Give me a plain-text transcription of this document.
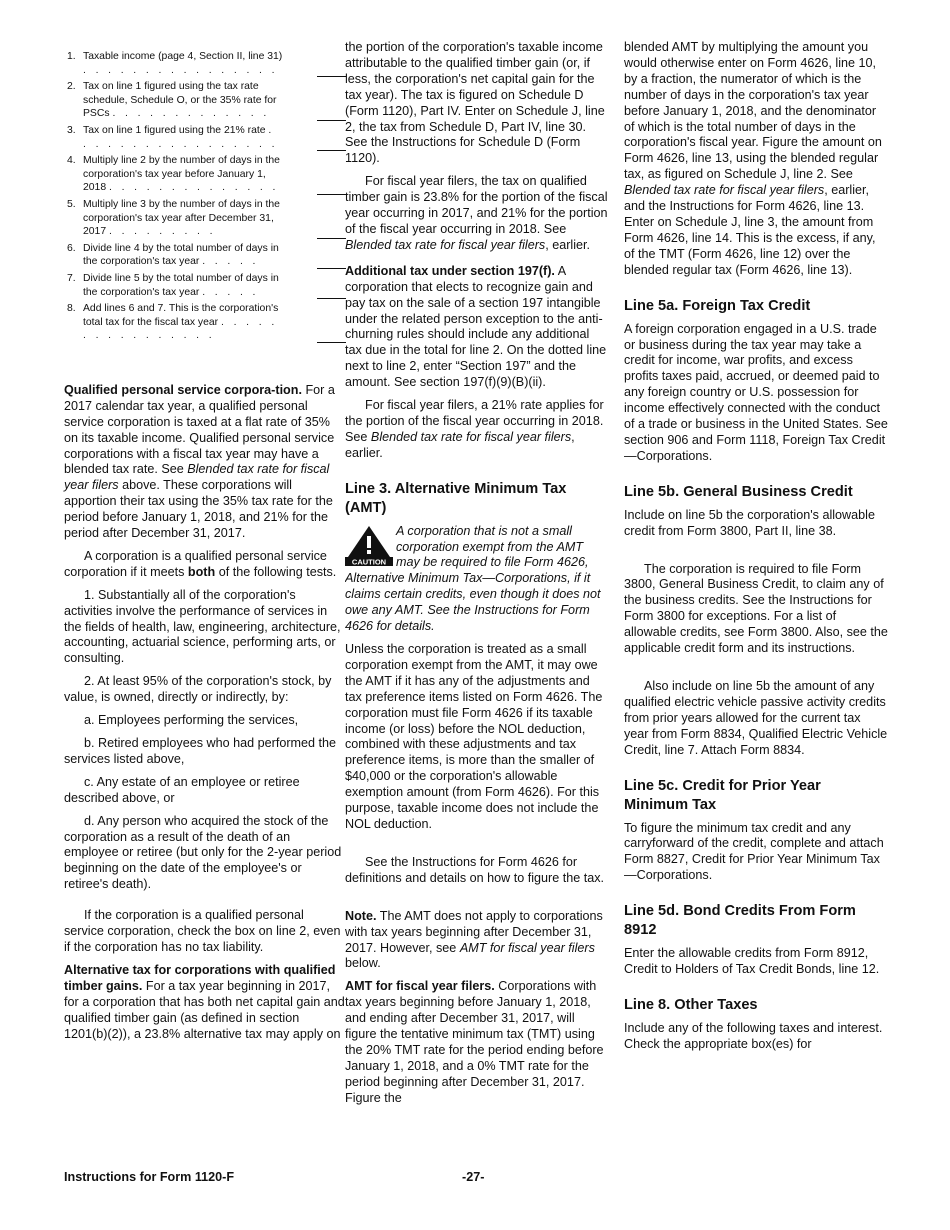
1. Taxable income (page 4, Section II, line 31) . . . . . . . . . . . . . . . .
2. Tax on line 1 figured using the tax rate schedule, Schedule O, or the 35% rate for PSCs . . . . . . . . . . . . .
3. Tax on line 1 figured using the 21% rate . . . . . . . . . . . . . . . . .
4. Multiply line 2 by the number of days in the corporation's tax year before January 1, 2018 . . . . . . . . . . . . . .
5. Multiply line 3 by the number of days in the corporation's tax year after December 31, 2017 . . . . . . . . .
6. Divide line 4 by the total number of days in the corporation's tax year . . . . .
7. Divide line 5 by the total number of days in the corporation's tax year . . . . .
8. Add lines 6 and 7. This is the corporation's total tax for the fiscal tax year . . . . . . . . . . . . . . . .

Qualified personal service corpora-tion. For a 2017 calendar tax year, a qualified personal service corporation is taxed at a flat rate of 35% on its taxable income. Qualified personal service corporations with a fiscal tax year may have a blended tax rate. See Blended tax rate for fiscal year filers above. These corporations will apportion their tax using the 35% tax rate for the period before January 1, 2018, and 21% for the period after December 31, 2017.

A corporation is a qualified personal service corporation if it meets both of the following tests.

1. Substantially all of the corporation's activities involve the performance of services in the fields of health, law, engineering, architecture, accounting, actuarial science, performing arts, or consulting.

2. At least 95% of the corporation's stock, by value, is owned, directly or indirectly, by:

a. Employees performing the services,

b. Retired employees who had performed the services listed above,

c. Any estate of an employee or retiree described above, or

d. Any person who acquired the stock of the corporation as a result of the death of an employee or retiree (but only for the 2-year period beginning on the date of the employee's or retiree's death).

If the corporation is a qualified personal service corporation, check the box on line 2, even if the corporation has no tax liability.

Alternative tax for corporations with qualified timber gains. For a tax year beginning in 2017, for a corporation that has both net capital gain and qualified timber gain (as defined in section 1201(b)(2)), a 23.8% alternative tax may apply on

the portion of the corporation's taxable income attributable to the qualified timber gain (or, if less, the corporation's net capital gain for the tax year). The tax is figured on Schedule D (Form 1120), Part IV. Enter on Schedule J, line 2, the tax from Schedule D, Part IV, line 30. See the Instructions for Schedule D (Form 1120).

For fiscal year filers, the tax on qualified timber gain is 23.8% for the portion of the fiscal year occurring in 2017, and 21% for the portion of the fiscal year occurring in 2018. See Blended tax rate for fiscal year filers, earlier.

Additional tax under section 197(f). A corporation that elects to recognize gain and pay tax on the sale of a section 197 intangible under the related person exception to the anti-churning rules should include any additional tax due in the total for line 2. On the dotted line next to line 2, enter “Section 197” and the amount. See section 197(f)(9)(B)(ii).

For fiscal year filers, a 21% rate applies for the portion of the fiscal year occurring in 2018. See Blended tax rate for fiscal year filers, earlier.

Line 3. Alternative Minimum Tax (AMT)
CAUTION
A corporation that is not a small corporation exempt from the AMT may be required to file Form 4626, Alternative Minimum Tax—Corporations, if it claims certain credits, even though it does not owe any AMT. See the Instructions for Form 4626 for details.

Unless the corporation is treated as a small corporation exempt from the AMT, it may owe the AMT if it has any of the adjustments and tax preference items listed on Form 4626. The corporation must file Form 4626 if its taxable income (or loss) before the NOL deduction, combined with these adjustments and tax preference items, is more than the smaller of $40,000 or the corporation's allowable exemption amount (from Form 4626). For this purpose, taxable income does not include the NOL deduction.

See the Instructions for Form 4626 for definitions and details on how to figure the tax.

Note. The AMT does not apply to corporations with tax years beginning after December 31, 2017. However, see AMT for fiscal year filers below.

AMT for fiscal year filers. Corporations with tax years beginning before January 1, 2018, and ending after December 31, 2017, will figure the tentative minimum tax (TMT) using the 20% TMT rate for the period ending before January 1, 2018, and a 0% TMT rate for the period beginning after December 31, 2017. Figure the

blended AMT by multiplying the amount you would otherwise enter on Form 4626, line 10, by a fraction, the numerator of which is the number of days in the corporation's tax year before January 1, 2018, and the denominator of which is the total number of days in the corporation's fiscal year. Figure the amount on Form 4626, line 13, using the blended regular tax, as figured on Schedule J, line 2. See Blended tax rate for fiscal year filers, earlier, and the Instructions for Form 4626, line 13. Enter on Schedule J, line 3, the amount from Form 4626, line 14. This is the excess, if any, of the TMT (Form 4626, line 12) over the blended regular tax (Form 4626, line 13).

Line 5a. Foreign Tax Credit

A foreign corporation engaged in a U.S. trade or business during the tax year may take a credit for income, war profits, and excess profits taxes paid, accrued, or deemed paid to any foreign country or U.S. possession for income effectively connected with the conduct of a trade or business in the United States. See section 906 and Form 1118, Foreign Tax Credit—Corporations.

Line 5b. General Business Credit

Include on line 5b the corporation's allowable credit from Form 3800, Part II, line 38.

The corporation is required to file Form 3800, General Business Credit, to claim any of the business credits. See the Instructions for Form 3800 for exceptions. For a list of allowable credits, see Form 3800. Also, see the applicable credit form and its instructions.

Also include on line 5b the amount of any qualified electric vehicle passive activity credits from prior years allowed for the current tax year from Form 8834, Qualified Electric Vehicle Credit, line 7. Attach Form 8834.

Line 5c. Credit for Prior Year Minimum Tax

To figure the minimum tax credit and any carryforward of the credit, complete and attach Form 8827, Credit for Prior Year Minimum Tax—Corporations.

Line 5d. Bond Credits From Form 8912

Enter the allowable credits from Form 8912, Credit to Holders of Tax Credit Bonds, line 12.

Line 8. Other Taxes

Include any of the following taxes and interest. Check the appropriate box(es) for

Instructions for Form 1120-F	-27-
